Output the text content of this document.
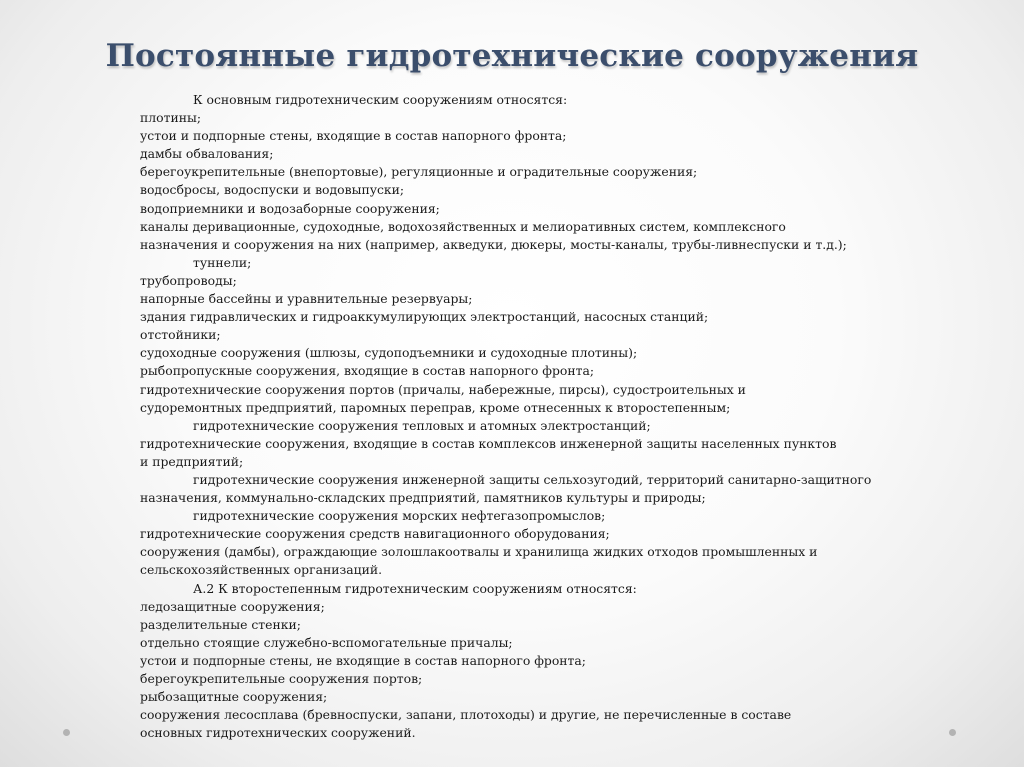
Постоянные гидротехнические сооружения
К основным гидротехническим сооружениям относятся:
плотины;
устои и подпорные стены, входящие в состав напорного фронта;
дамбы обвалования;
берегоукрепительные (внепортовые), регуляционные и оградительные сооружения;
водосбросы, водоспуски и водовыпуски;
водоприемники и водозаборные сооружения;
каналы деривационные, судоходные, водохозяйственных и мелиоративных систем, комплексного
назначения и сооружения на них (например, акведуки, дюкеры, мосты-каналы, трубы-ливнеспуски и т.д.);
туннели;
трубопроводы;
напорные бассейны и уравнительные резервуары;
здания гидравлических и гидроаккумулирующих электростанций, насосных станций;
отстойники;
судоходные сооружения (шлюзы, судоподъемники и судоходные плотины);
рыбопропускные сооружения, входящие в состав напорного фронта;
гидротехнические сооружения портов (причалы, набережные, пирсы), судостроительных и
судоремонтных предприятий, паромных переправ, кроме отнесенных к второстепенным;
гидротехнические сооружения тепловых и атомных электростанций;
гидротехнические сооружения, входящие в состав комплексов инженерной защиты населенных пунктов
и предприятий;
гидротехнические сооружения инженерной защиты сельхозугодий, территорий санитарно-защитного
назначения, коммунально-складских предприятий, памятников культуры и природы;
гидротехнические сооружения морских нефтегазопромыслов;
гидротехнические сооружения средств навигационного оборудования;
сооружения (дамбы), ограждающие золошлакоотвалы и хранилища жидких отходов промышленных и
сельскохозяйственных организаций.
А.2 К второстепенным гидротехническим сооружениям относятся:
ледозащитные сооружения;
разделительные стенки;
отдельно стоящие служебно-вспомогательные причалы;
устои и подпорные стены, не входящие в состав напорного фронта;
берегоукрепительные сооружения портов;
рыбозащитные сооружения;
сооружения лесосплава (бревноспуски, запани, плотоходы) и другие, не перечисленные в составе
основных гидротехнических сооружений.
